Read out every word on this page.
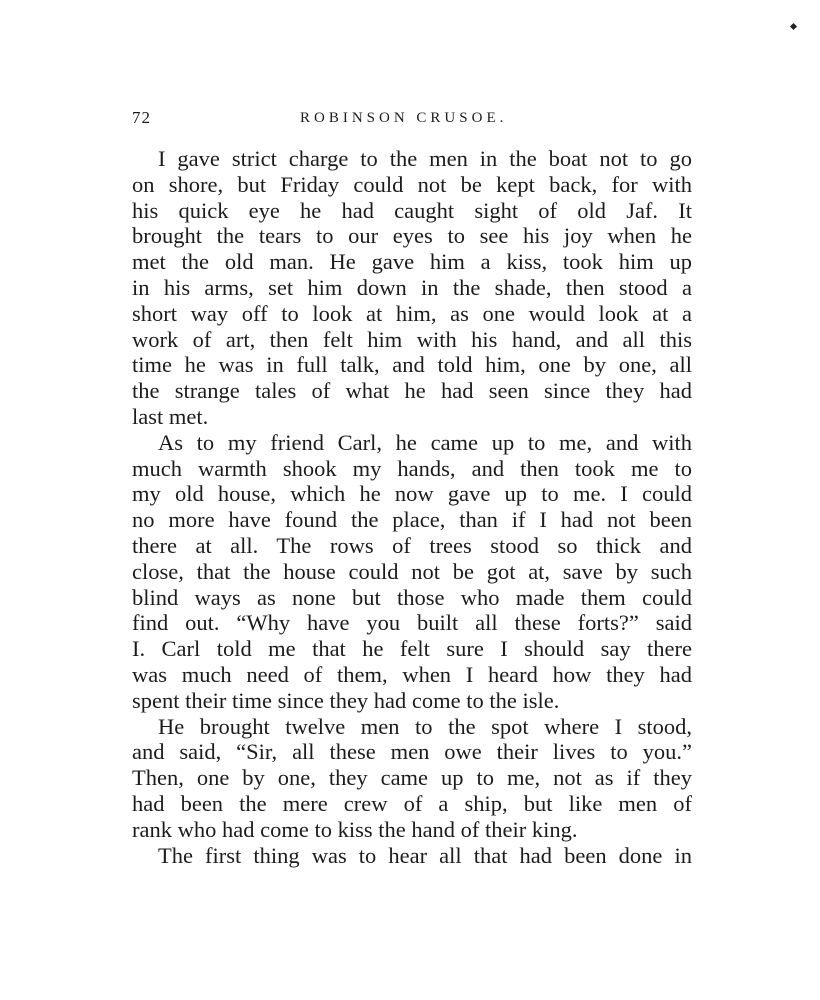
72	ROBINSON CRUSOE.

I gave strict charge to the men in the boat not to go
on shore, but Friday could not be kept back, for with
his quick eye he had caught sight of old Jaf. It
brought the tears to our eyes to see his joy when he
met the old man. He gave him a kiss, took him up
in his arms, set him down in the shade, then stood a
short way off to look at him, as one would look at a
work of art, then felt him with his hand, and all this
time he was in full talk, and told him, one by one, all
the strange tales of what he had seen since they had
last met.

As to my friend Carl, he came up to me, and with
much warmth shook my hands, and then took me to
my old house, which he now gave up to me. I could
no more have found the place, than if I had not been
there at all. The rows of trees stood so thick and
close, that the house could not be got at, save by such
blind ways as none but those who made them could
find out. “Why have you built all these forts?” said
I. Carl told me that he felt sure I should say there
was much need of them, when I heard how they had
spent their time since they had come to the isle.

He brought twelve men to the spot where I stood,
and said, “Sir, all these men owe their lives to you.”
Then, one by one, they came up to me, not as if they
had been the mere crew of a ship, but like men of
rank who had come to kiss the hand of their king.

The first thing was to hear all that had been done in
